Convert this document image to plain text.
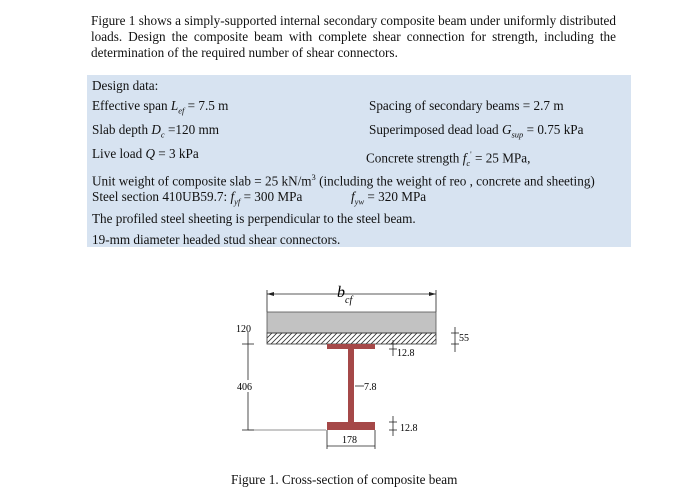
Figure 1 shows a simply-supported internal secondary composite beam under uniformly distributed loads. Design the composite beam with complete shear connection for strength, including the determination of the required number of shear connectors.
Design data:
Effective span $L_{ef} = 7.5$ m	Spacing of secondary beams = 2.7 m
Slab depth $D_c =120$ mm	Superimposed dead load $G_{sup} = 0.75$ kPa
Live load Q = 3 kPa	Concrete strength $f_c' = 25$ MPa,
Unit weight of composite slab = 25 $kN/m^3$ (including the weight of reo , concrete and sheeting)
Steel section 410UB59.7: $f_{yf} = 300$ MPa	$f_{yw} = 320$ MPa
The profiled steel sheeting is perpendicular to the steel beam.
19-mm diameter headed stud shear connectors.
$b_{cf}$
120
406
55
12.8
7.8
12.8
178
Figure 1. Cross-section of composite beam
